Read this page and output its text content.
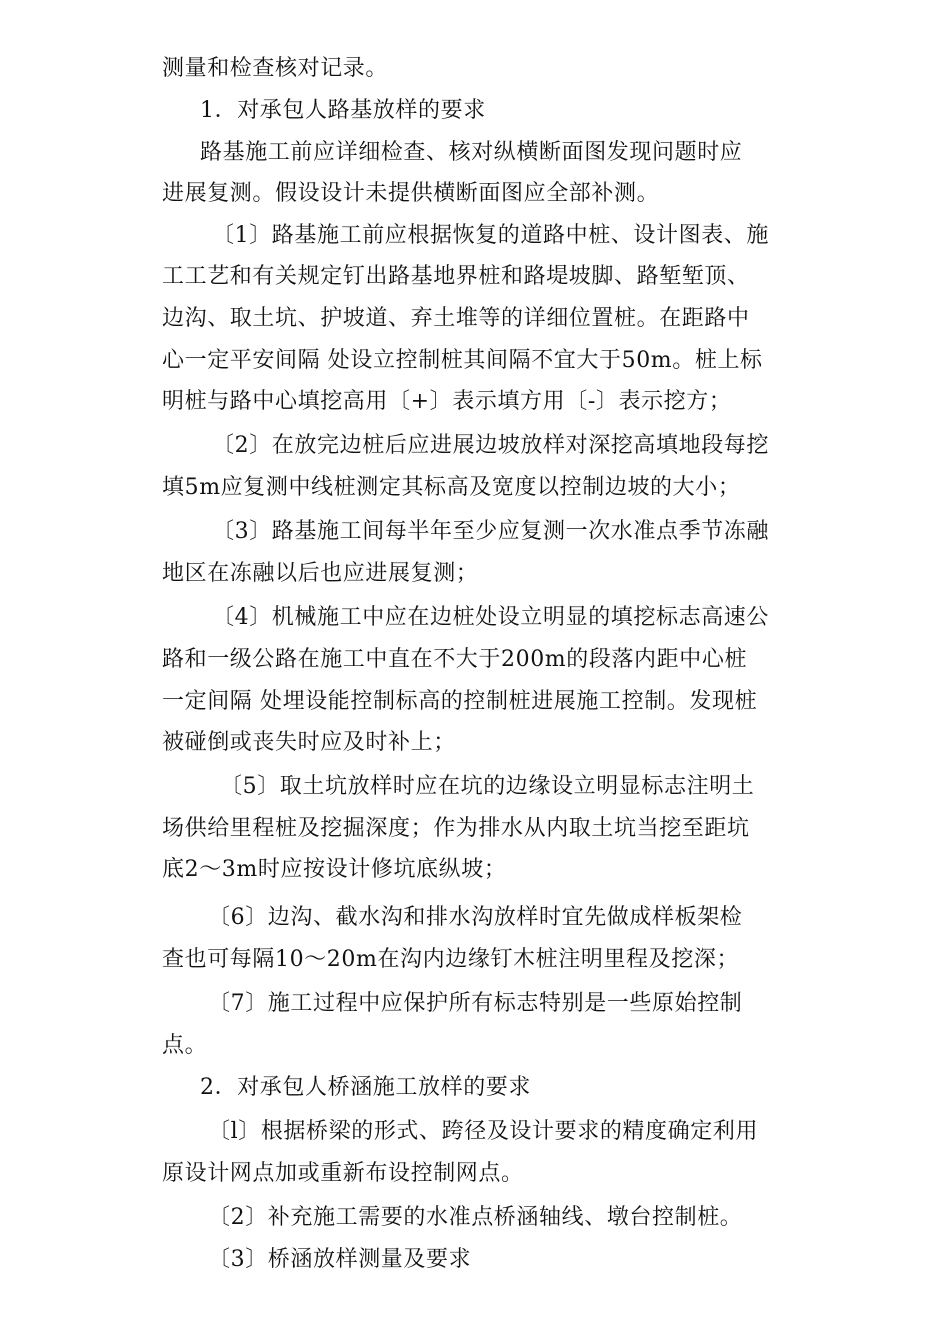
测量和检查核对记录。
1．对承包人路基放样的要求
路基施工前应详细检查、核对纵横断面图发现问题时应
进展复测。假设设计未提供横断面图应全部补测。
〔1〕路基施工前应根据恢复的道路中桩、设计图表、施
工工艺和有关规定钉出路基地界桩和路堤坡脚、路堑堑顶、
边沟、取土坑、护坡道、弃土堆等的详细位置桩。在距路中
心一定平安间隔 处设立控制桩其间隔不宜大于50m。桩上标
明桩与路中心填挖高用〔+〕表示填方用〔-〕表示挖方；
〔2〕在放完边桩后应进展边坡放样对深挖高填地段每挖
填5m应复测中线桩测定其标高及宽度以控制边坡的大小；
〔3〕路基施工间每半年至少应复测一次水准点季节冻融
地区在冻融以后也应进展复测；
〔4〕机械施工中应在边桩处设立明显的填挖标志高速公
路和一级公路在施工中直在不大于200m的段落内距中心桩
一定间隔 处埋设能控制标高的控制桩进展施工控制。发现桩
被碰倒或丧失时应及时补上；
〔5〕取土坑放样时应在坑的边缘设立明显标志注明土
场供给里程桩及挖掘深度；作为排水从内取土坑当挖至距坑
底2～3m时应按设计修坑底纵坡；
〔6〕边沟、截水沟和排水沟放样时宜先做成样板架检
查也可每隔10～20m在沟内边缘钉木桩注明里程及挖深；
〔7〕施工过程中应保护所有标志特别是一些原始控制
点。
2．对承包人桥涵施工放样的要求
〔l〕根据桥梁的形式、跨径及设计要求的精度确定利用
原设计网点加或重新布设控制网点。
〔2〕补充施工需要的水准点桥涵轴线、墩台控制桩。
〔3〕桥涵放样测量及要求
